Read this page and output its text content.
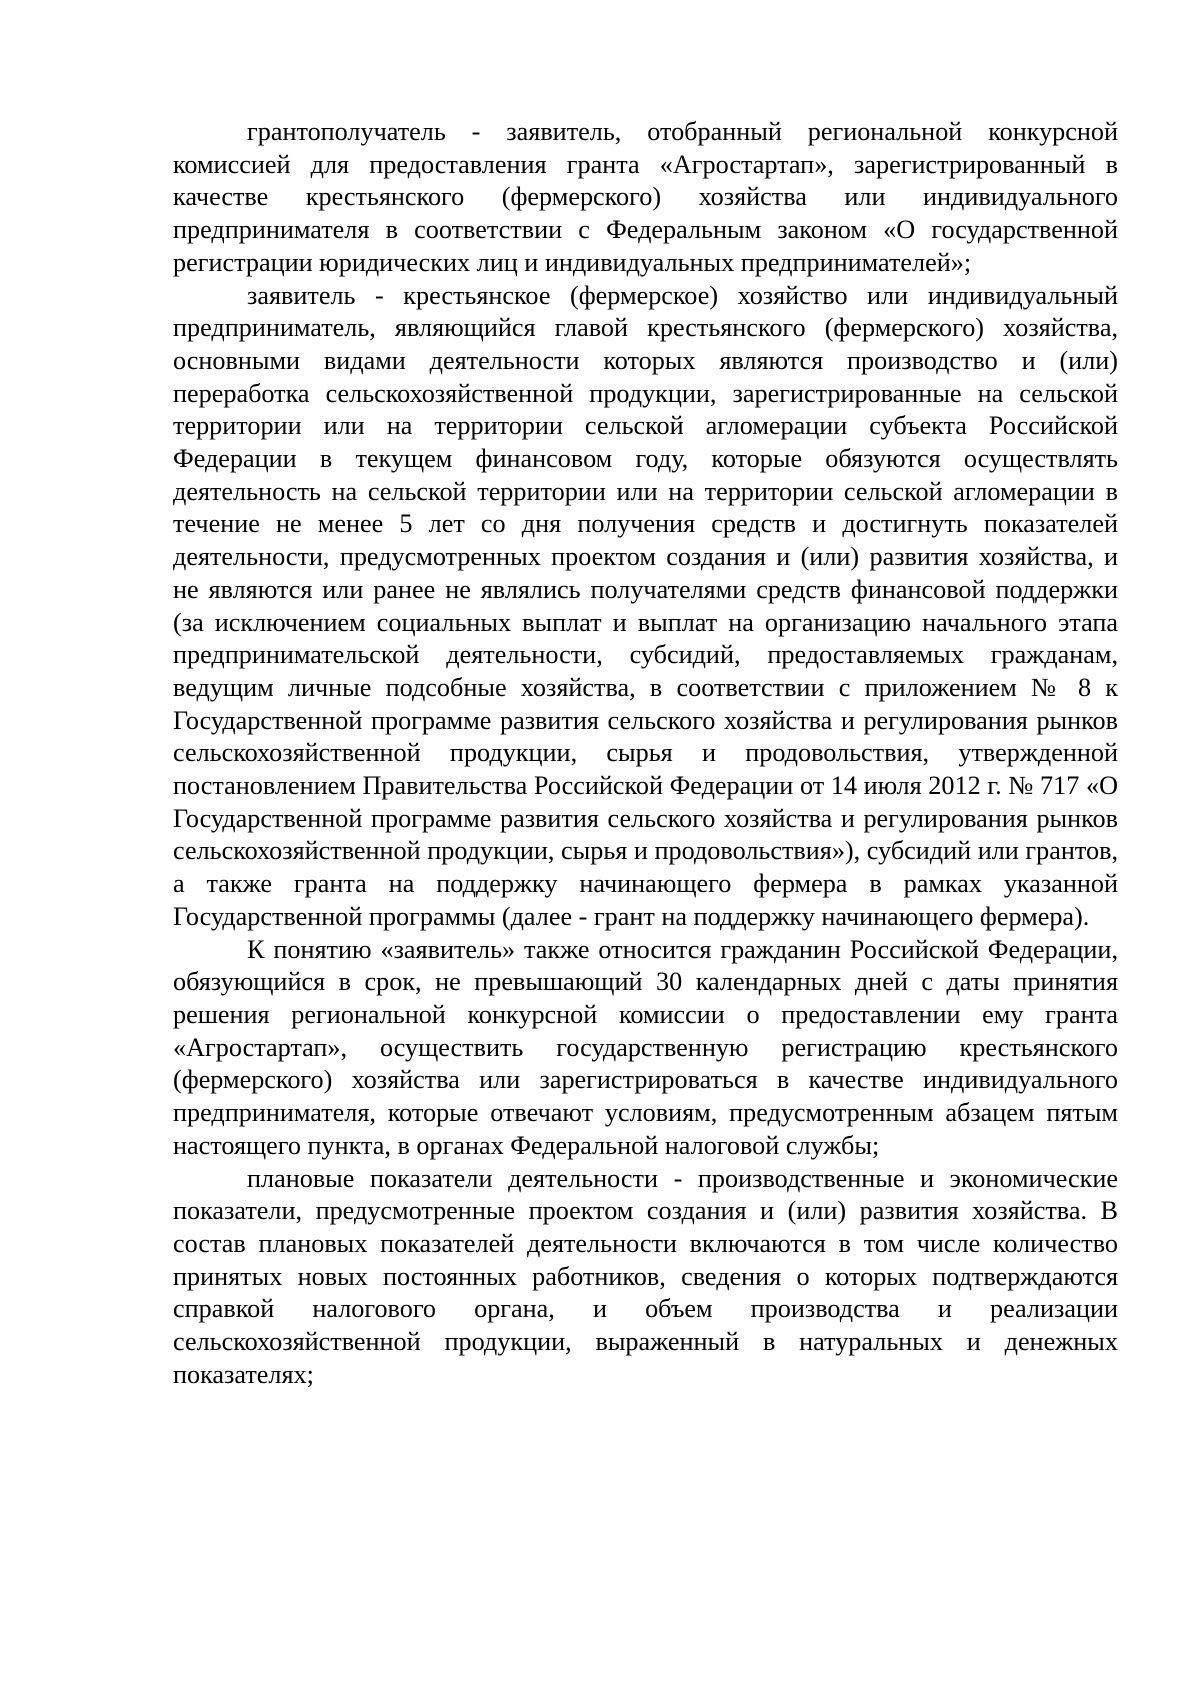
грантополучатель - заявитель, отобранный региональной конкурсной комиссией для предоставления гранта «Агростартап», зарегистрированный в качестве крестьянского (фермерского) хозяйства или индивидуального предпринимателя в соответствии с Федеральным законом «О государственной регистрации юридических лиц и индивидуальных предпринимателей»;

заявитель - крестьянское (фермерское) хозяйство или индивидуальный предприниматель, являющийся главой крестьянского (фермерского) хозяйства, основными видами деятельности которых являются производство и (или) переработка сельскохозяйственной продукции, зарегистрированные на сельской территории или на территории сельской агломерации субъекта Российской Федерации в текущем финансовом году, которые обязуются осуществлять деятельность на сельской территории или на территории сельской агломерации в течение не менее 5 лет со дня получения средств и достигнуть показателей деятельности, предусмотренных проектом создания и (или) развития хозяйства, и не являются или ранее не являлись получателями средств финансовой поддержки (за исключением социальных выплат и выплат на организацию начального этапа предпринимательской деятельности, субсидий, предоставляемых гражданам, ведущим личные подсобные хозяйства, в соответствии с приложением № 8 к Государственной программе развития сельского хозяйства и регулирования рынков сельскохозяйственной продукции, сырья и продовольствия, утвержденной постановлением Правительства Российской Федерации от 14 июля 2012 г. № 717 «О Государственной программе развития сельского хозяйства и регулирования рынков сельскохозяйственной продукции, сырья и продовольствия»), субсидий или грантов, а также гранта на поддержку начинающего фермера в рамках указанной Государственной программы (далее - грант на поддержку начинающего фермера).

К понятию «заявитель» также относится гражданин Российской Федерации, обязующийся в срок, не превышающий 30 календарных дней с даты принятия решения региональной конкурсной комиссии о предоставлении ему гранта «Агростартап», осуществить государственную регистрацию крестьянского (фермерского) хозяйства или зарегистрироваться в качестве индивидуального предпринимателя, которые отвечают условиям, предусмотренным абзацем пятым настоящего пункта, в органах Федеральной налоговой службы;

плановые показатели деятельности - производственные и экономические показатели, предусмотренные проектом создания и (или) развития хозяйства. В состав плановых показателей деятельности включаются в том числе количество принятых новых постоянных работников, сведения о которых подтверждаются справкой налогового органа, и объем производства и реализации сельскохозяйственной продукции, выраженный в натуральных и денежных показателях;
